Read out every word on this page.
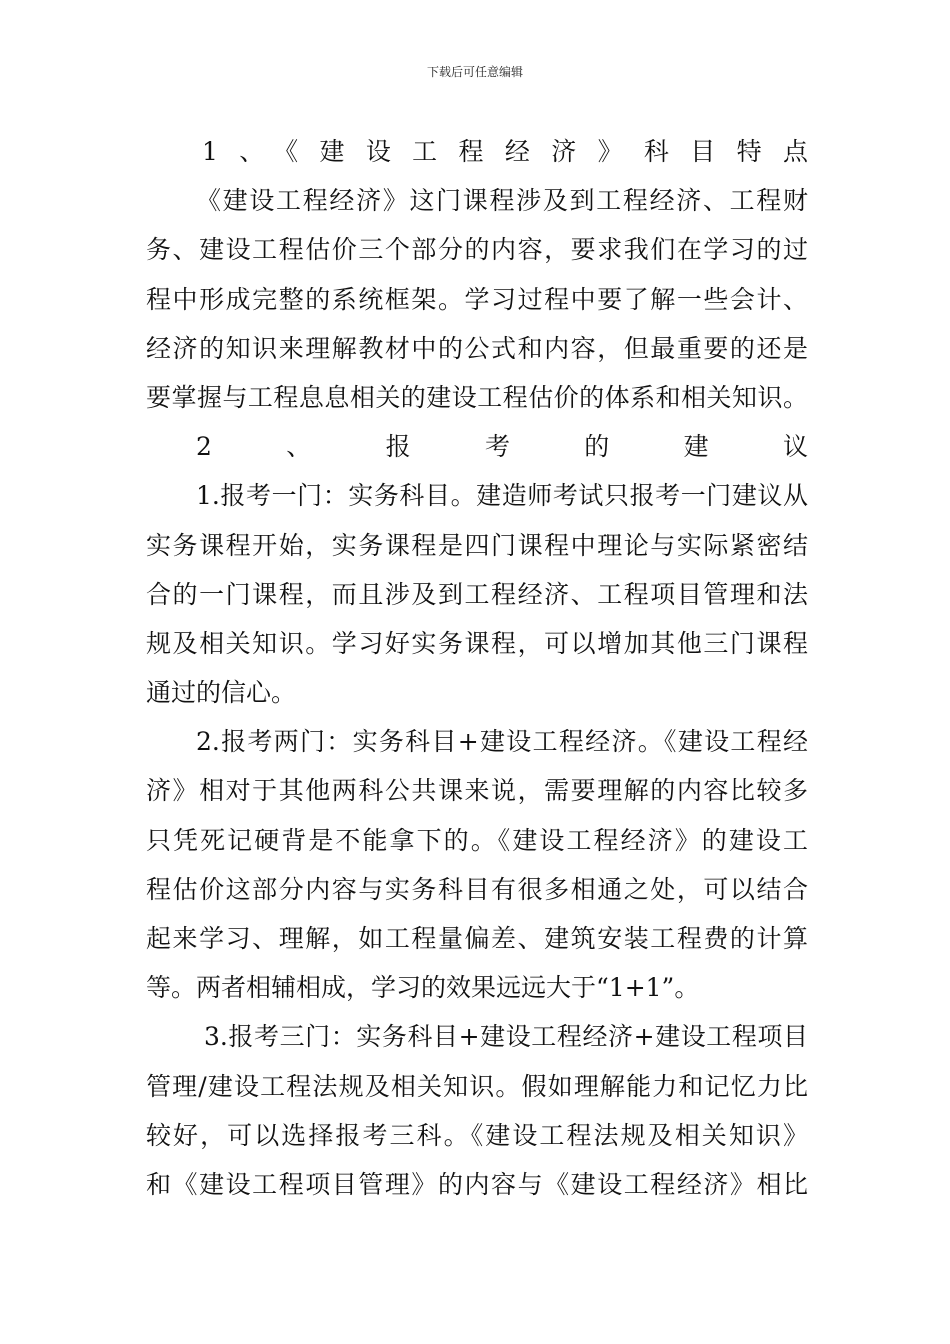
下载后可任意编辑
1、《建设工程经济》科目特点
《建设工程经济》这门课程涉及到工程经济、工程财
务、建设工程估价三个部分的内容，要求我们在学习的过
程中形成完整的系统框架。学习过程中要了解一些会计、
经济的知识来理解教材中的公式和内容，但最重要的还是
要掌握与工程息息相关的建设工程估价的体系和相关知识。
2、报考的建议
1.报考一门：实务科目。建造师考试只报考一门建议从
实务课程开始，实务课程是四门课程中理论与实际紧密结
合的一门课程，而且涉及到工程经济、工程项目管理和法
规及相关知识。学习好实务课程，可以增加其他三门课程
通过的信心。
2.报考两门：实务科目+建设工程经济。《建设工程经
济》相对于其他两科公共课来说，需要理解的内容比较多
只凭死记硬背是不能拿下的。《建设工程经济》的建设工
程估价这部分内容与实务科目有很多相通之处，可以结合
起来学习、理解，如工程量偏差、建筑安装工程费的计算
等。两者相辅相成，学习的效果远远大于“1+1”。
3.报考三门：实务科目+建设工程经济+建设工程项目
管理/建设工程法规及相关知识。假如理解能力和记忆力比
较好，可以选择报考三科。《建设工程法规及相关知识》
和《建设工程项目管理》的内容与《建设工程经济》相比
